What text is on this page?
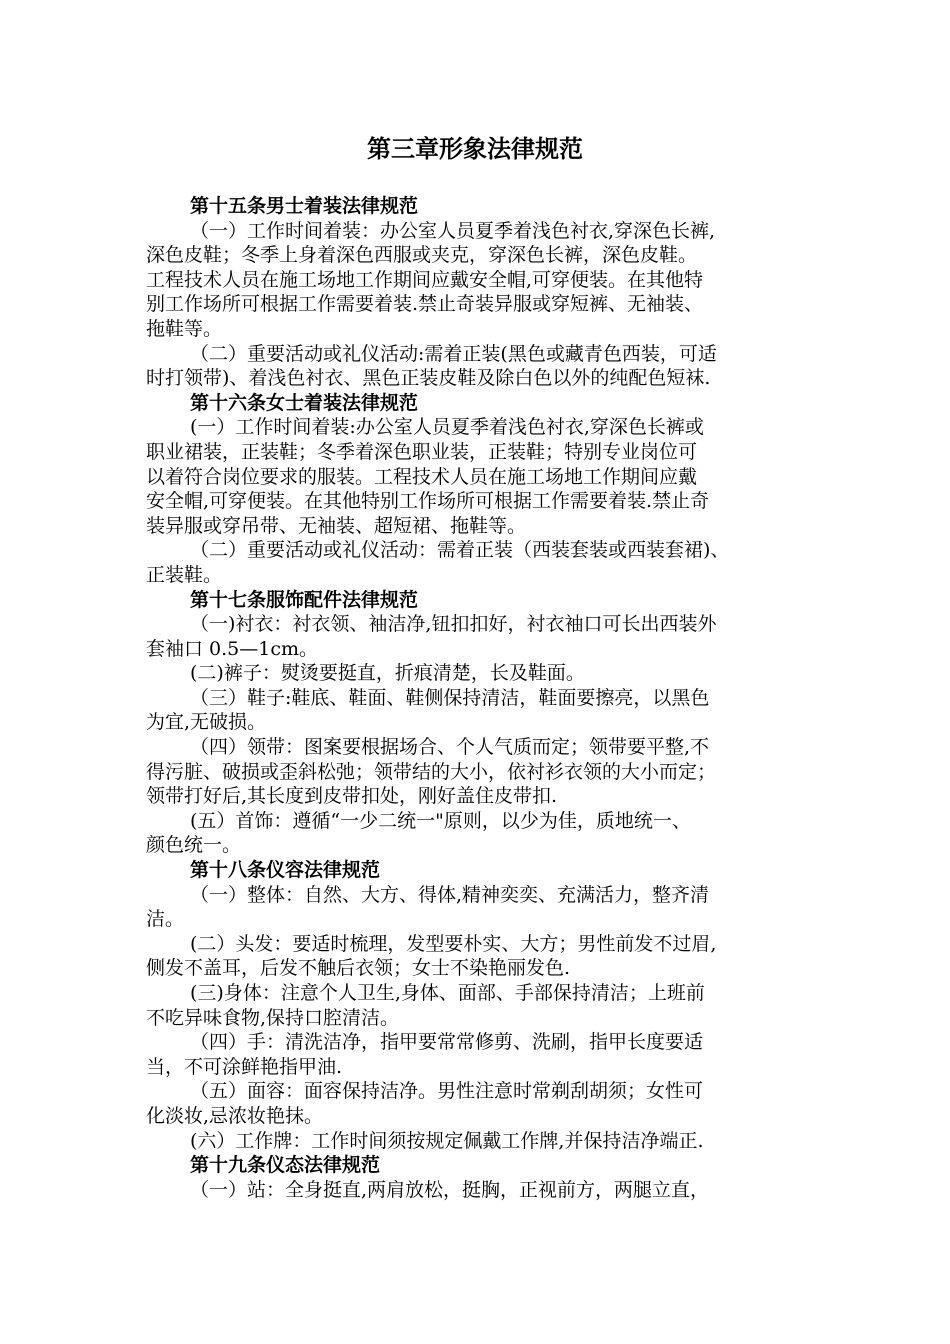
第三章形象法律规范
第十五条男士着装法律规范
（一）工作时间着装：办公室人员夏季着浅色衬衣,穿深色长裤,
深色皮鞋；冬季上身着深色西服或夹克，穿深色长裤，深色皮鞋。
工程技术人员在施工场地工作期间应戴安全帽,可穿便装。在其他特
别工作场所可根据工作需要着装.禁止奇装异服或穿短裤、无袖装、
拖鞋等。
（二）重要活动或礼仪活动:需着正装(黑色或藏青色西装，可适
时打领带)、着浅色衬衣、黑色正装皮鞋及除白色以外的纯配色短袜.
第十六条女士着装法律规范
(一）工作时间着装:办公室人员夏季着浅色衬衣,穿深色长裤或
职业裙装，正装鞋；冬季着深色职业装，正装鞋；特别专业岗位可
以着符合岗位要求的服装。工程技术人员在施工场地工作期间应戴
安全帽,可穿便装。在其他特别工作场所可根据工作需要着装.禁止奇
装异服或穿吊带、无袖装、超短裙、拖鞋等。
（二）重要活动或礼仪活动：需着正装（西装套装或西装套裙)、
正装鞋。
第十七条服饰配件法律规范
（一)衬衣：衬衣领、袖洁净,钮扣扣好，衬衣袖口可长出西装外
套袖口 0.5—1cm。
(二)裤子：熨烫要挺直，折痕清楚，长及鞋面。
（三）鞋子:鞋底、鞋面、鞋侧保持清洁，鞋面要擦亮，以黑色
为宜,无破损。
（四）领带：图案要根据场合、个人气质而定；领带要平整,不
得污脏、破损或歪斜松弛；领带结的大小，依衬衫衣领的大小而定；
领带打好后,其长度到皮带扣处，刚好盖住皮带扣.
(五）首饰：遵循“一少二统一"原则，以少为佳，质地统一、
颜色统一。
第十八条仪容法律规范
（一）整体：自然、大方、得体,精神奕奕、充满活力，整齐清
洁。
(二）头发：要适时梳理，发型要朴实、大方；男性前发不过眉,
侧发不盖耳，后发不触后衣领；女士不染艳丽发色.
(三)身体：注意个人卫生,身体、面部、手部保持清洁；上班前
不吃异味食物,保持口腔清洁。
（四）手：清洗洁净，指甲要常常修剪、洗刷，指甲长度要适
当，不可涂鲜艳指甲油.
（五）面容：面容保持洁净。男性注意时常剃刮胡须；女性可
化淡妆,忌浓妆艳抹。
(六）工作牌：工作时间须按规定佩戴工作牌,并保持洁净端正.
第十九条仪态法律规范
（一）站：全身挺直,两肩放松，挺胸，正视前方，两腿立直，
